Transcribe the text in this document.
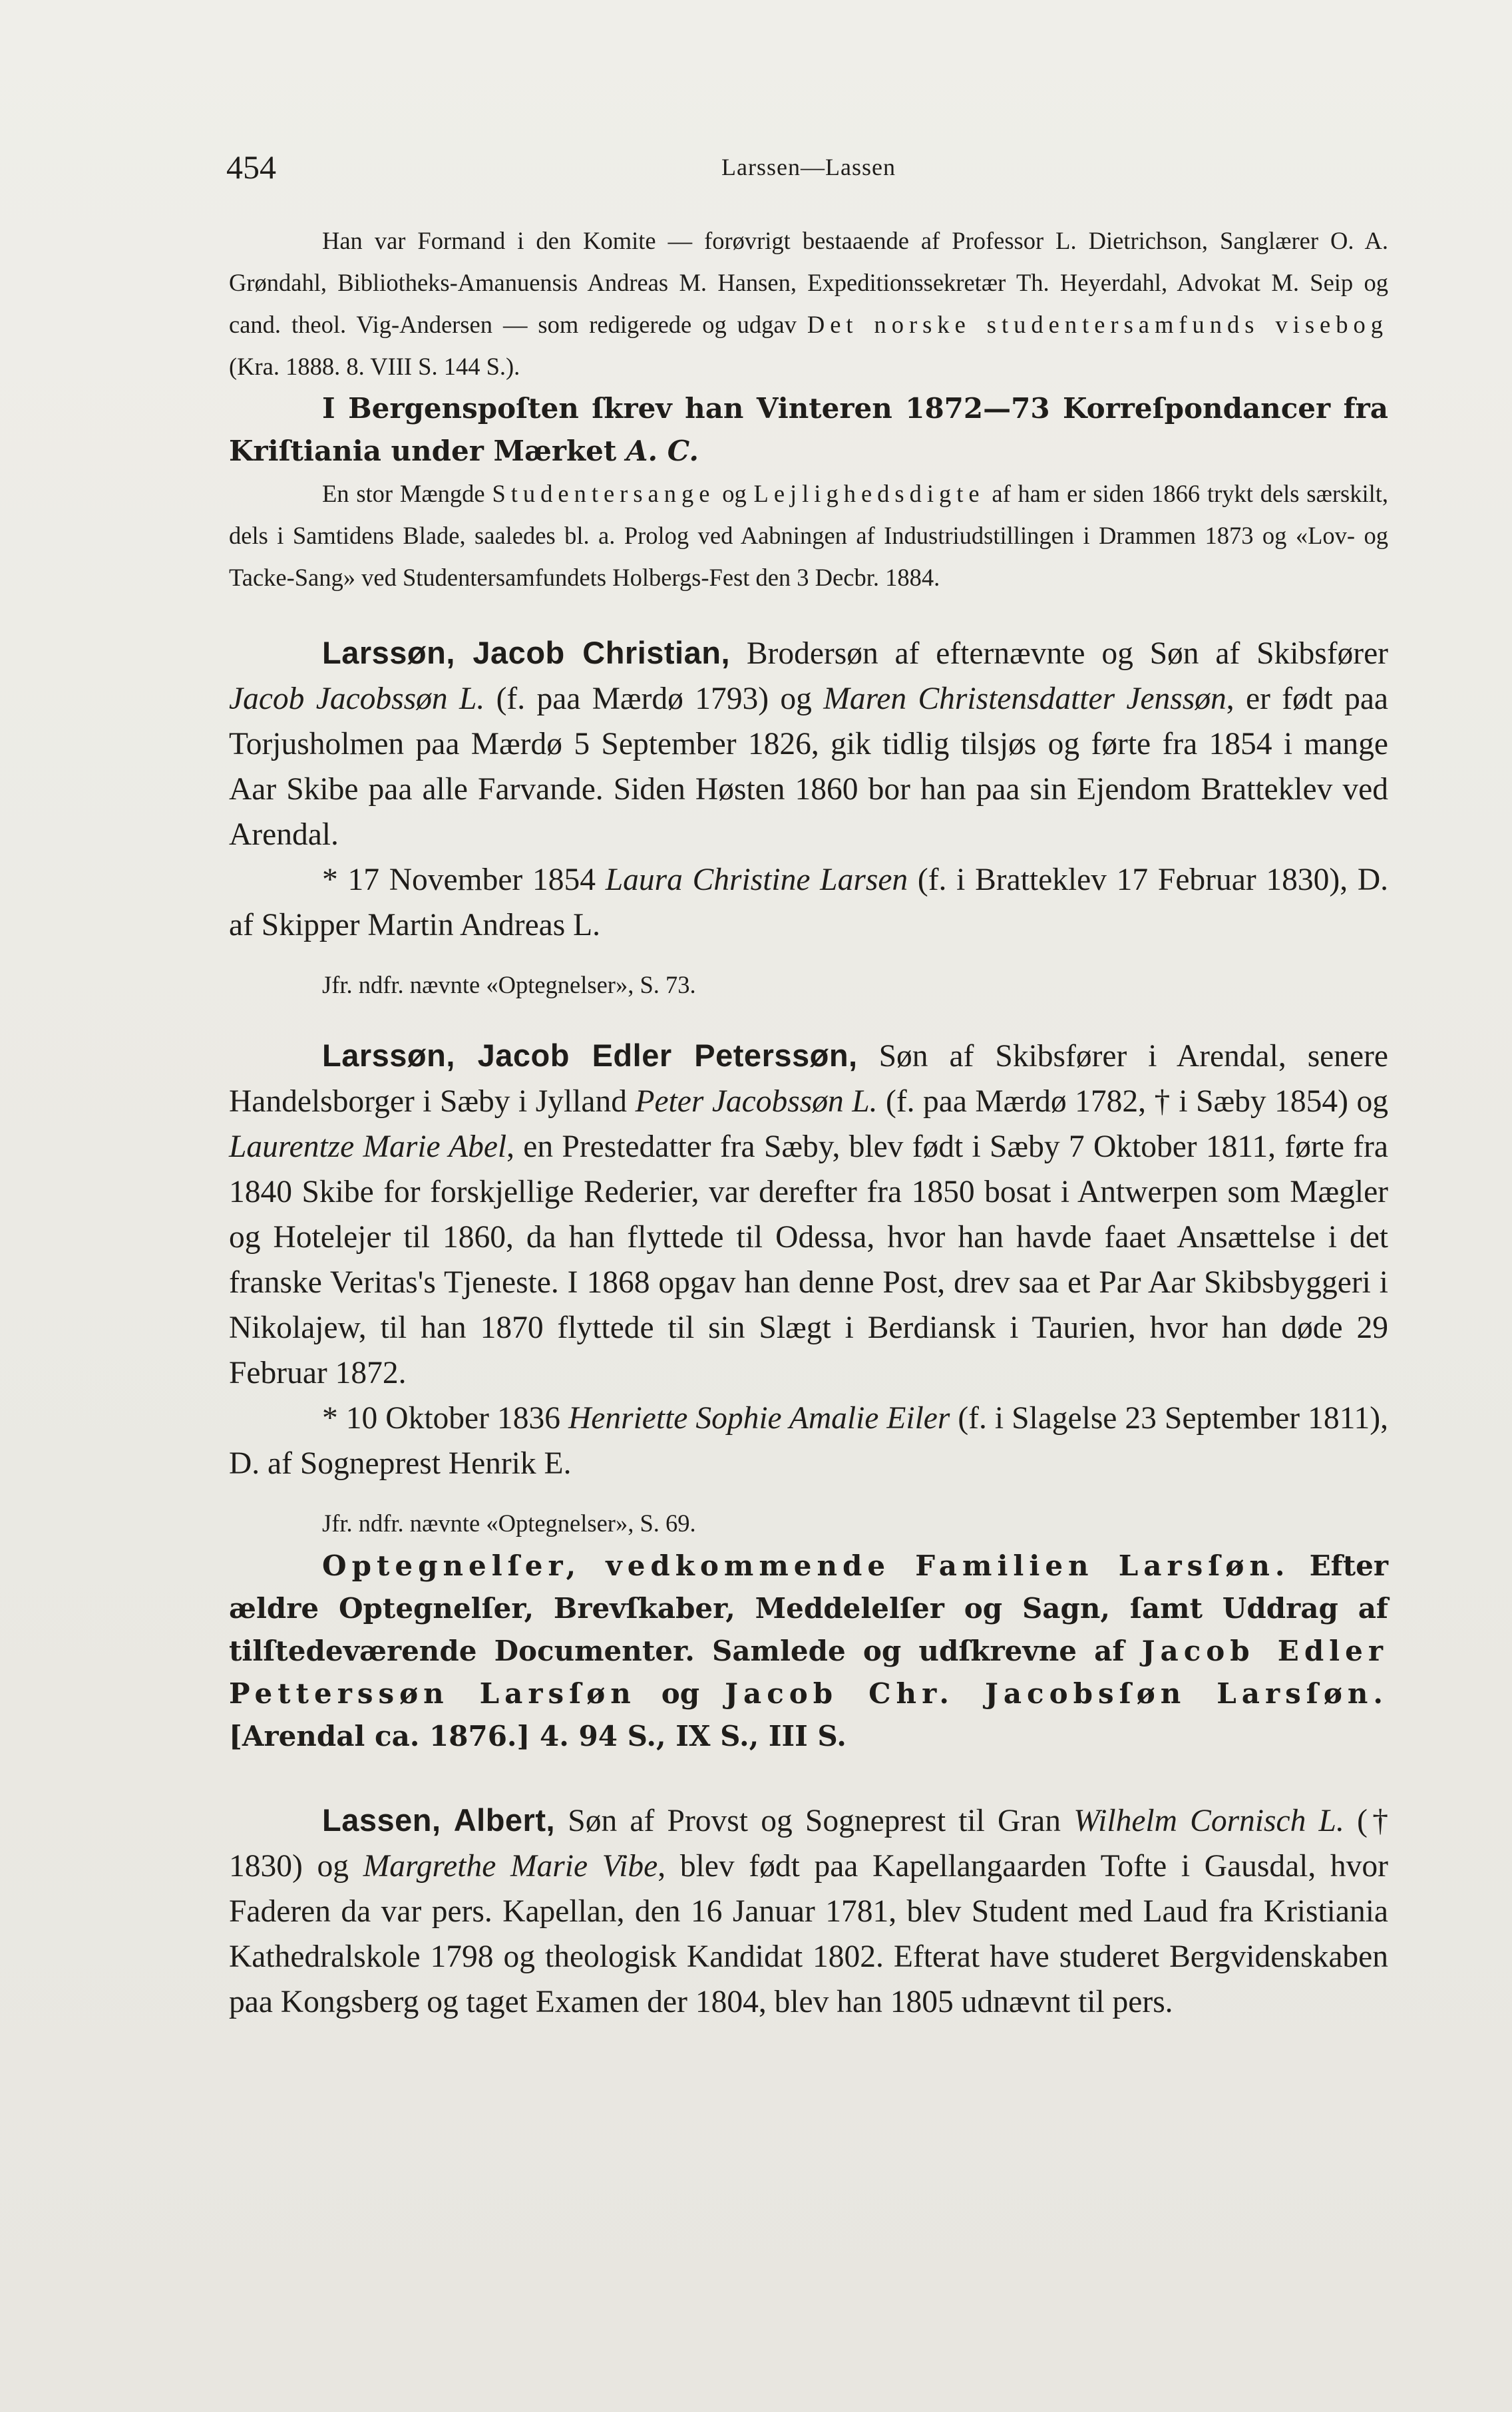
454	Larssen—Lassen

Han var Formand i den Komite — forøvrigt bestaaende af Professor L. Dietrichson, Sanglærer O. A. Grøndahl, Bibliotheks-Amanuensis Andreas M. Hansen, Expeditionssekretær Th. Heyerdahl, Advokat M. Seip og cand. theol. Vig-Andersen — som redigerede og udgav Det norske studentersamfunds visebog (Kra. 1888. 8. VIII S. 144 S.).

I Bergenspoſten ſkrev han Vinteren 1872—73 Korreſpondancer fra Kriſtiania under Mærket A. C.

En stor Mængde Studentersange og Lejlighedsdigte af ham er siden 1866 trykt dels særskilt, dels i Samtidens Blade, saaledes bl. a. Prolog ved Aabningen af Industriudstillingen i Drammen 1873 og «Lov- og Tacke-Sang» ved Studentersamfundets Holbergs-Fest den 3 Decbr. 1884.

Larssøn, Jacob Christian, Brodersøn af efternævnte og Søn af Skibsfører Jacob Jacobssøn L. (f. paa Mærdø 1793) og Maren Christensdatter Jenssøn, er født paa Torjusholmen paa Mærdø 5 September 1826, gik tidlig tilsjøs og førte fra 1854 i mange Aar Skibe paa alle Farvande. Siden Høsten 1860 bor han paa sin Ejendom Bratteklev ved Arendal.

* 17 November 1854 Laura Christine Larsen (f. i Bratteklev 17 Februar 1830), D. af Skipper Martin Andreas L.

Jfr. ndfr. nævnte «Optegnelser», S. 73.

Larssøn, Jacob Edler Peterssøn, Søn af Skibsfører i Arendal, senere Handelsborger i Sæby i Jylland Peter Jacobssøn L. (f. paa Mærdø 1782, † i Sæby 1854) og Laurentze Marie Abel, en Prestedatter fra Sæby, blev født i Sæby 7 Oktober 1811, førte fra 1840 Skibe for forskjellige Rederier, var derefter fra 1850 bosat i Antwerpen som Mægler og Hotelejer til 1860, da han flyttede til Odessa, hvor han havde faaet Ansættelse i det franske Veritas's Tjeneste. I 1868 opgav han denne Post, drev saa et Par Aar Skibsbyggeri i Nikolajew, til han 1870 flyttede til sin Slægt i Berdiansk i Taurien, hvor han døde 29 Februar 1872.

* 10 Oktober 1836 Henriette Sophie Amalie Eiler (f. i Slagelse 23 September 1811), D. af Sogneprest Henrik E.

Jfr. ndfr. nævnte «Optegnelser», S. 69.

Optegnelſer, vedkommende Familien Larsſøn. Efter ældre Optegnelſer, Brevſkaber, Meddelelſer og Sagn, ſamt Uddrag af tilſtedeværende Documenter. Samlede og udſkrevne af Jacob Edler Petterssøn Larsſøn og Jacob Chr. Jacobsſøn Larsſøn. [Arendal ca. 1876.] 4. 94 S., IX S., III S.

Lassen, Albert, Søn af Provst og Sogneprest til Gran Wilhelm Cornisch L. († 1830) og Margrethe Marie Vibe, blev født paa Kapellangaarden Tofte i Gausdal, hvor Faderen da var pers. Kapellan, den 16 Januar 1781, blev Student med Laud fra Kristiania Kathedralskole 1798 og theologisk Kandidat 1802. Efterat have studeret Bergvidenskaben paa Kongsberg og taget Examen der 1804, blev han 1805 udnævnt til pers.
